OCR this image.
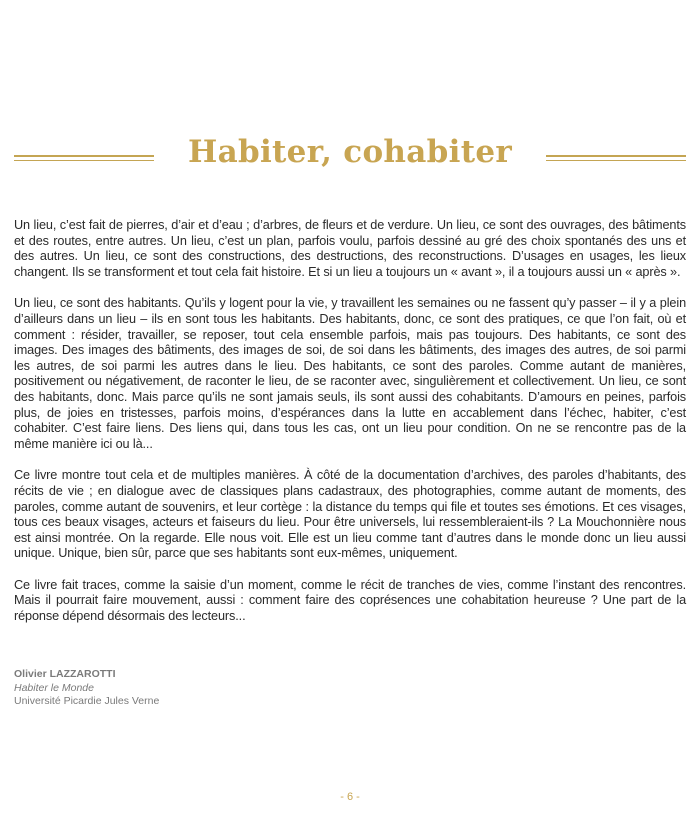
Habiter, cohabiter

Un lieu, c’est fait de pierres, d’air et d’eau ; d’arbres, de fleurs et de verdure. Un lieu, ce sont des ouvrages, des bâtiments et des routes, entre autres. Un lieu, c’est un plan, parfois voulu, parfois dessiné au gré des choix spontanés des uns et des autres. Un lieu, ce sont des constructions, des destructions, des reconstructions. D’usages en usages, les lieux changent. Ils se transforment et tout cela fait histoire. Et si un lieu a toujours un « avant », il a toujours aussi un « après ».

Un lieu, ce sont des habitants. Qu’ils y logent pour la vie, y travaillent les semaines ou ne fassent qu’y passer – il y a plein d’ailleurs dans un lieu – ils en sont tous les habitants. Des habitants, donc, ce sont des pratiques, ce que l’on fait, où et comment : résider, travailler, se reposer, tout cela ensemble parfois, mais pas toujours. Des habitants, ce sont des images. Des images des bâtiments, des images de soi, de soi dans les bâtiments, des images des autres, de soi parmi les autres, de soi parmi les autres dans le lieu. Des habitants, ce sont des paroles. Comme autant de manières, positivement ou négativement, de raconter le lieu, de se raconter avec, singulièrement et collectivement. Un lieu, ce sont des habitants, donc. Mais parce qu’ils ne sont jamais seuls, ils sont aussi des cohabitants. D’amours en peines, parfois plus, de joies en tristesses, parfois moins, d’espérances dans la lutte en accablement dans l’échec, habiter, c’est cohabiter. C’est faire liens. Des liens qui, dans tous les cas, ont un lieu pour condition. On ne se rencontre pas de la même manière ici ou là...

Ce livre montre tout cela et de multiples manières. À côté de la documentation d’archives, des paroles d’habitants, des récits de vie ; en dialogue avec de classiques plans cadastraux, des photographies, comme autant de moments, des paroles, comme autant de souvenirs, et leur cortège : la distance du temps qui file et toutes ses émotions. Et ces visages, tous ces beaux visages, acteurs et faiseurs du lieu. Pour être universels, lui ressembleraient-ils ? La Mouchonnière nous est ainsi montrée. On la regarde. Elle nous voit. Elle est un lieu comme tant d’autres dans le monde donc un lieu aussi unique. Unique, bien sûr, parce que ses habitants sont eux-mêmes, uniquement.

Ce livre fait traces, comme la saisie d’un moment, comme le récit de tranches de vies, comme l’instant des rencontres. Mais il pourrait faire mouvement, aussi : comment faire des coprésences une cohabitation heureuse ? Une part de la réponse dépend désormais des lecteurs...

Olivier LAZZAROTTI
Habiter le Monde
Université Picardie Jules Verne
- 6 -
